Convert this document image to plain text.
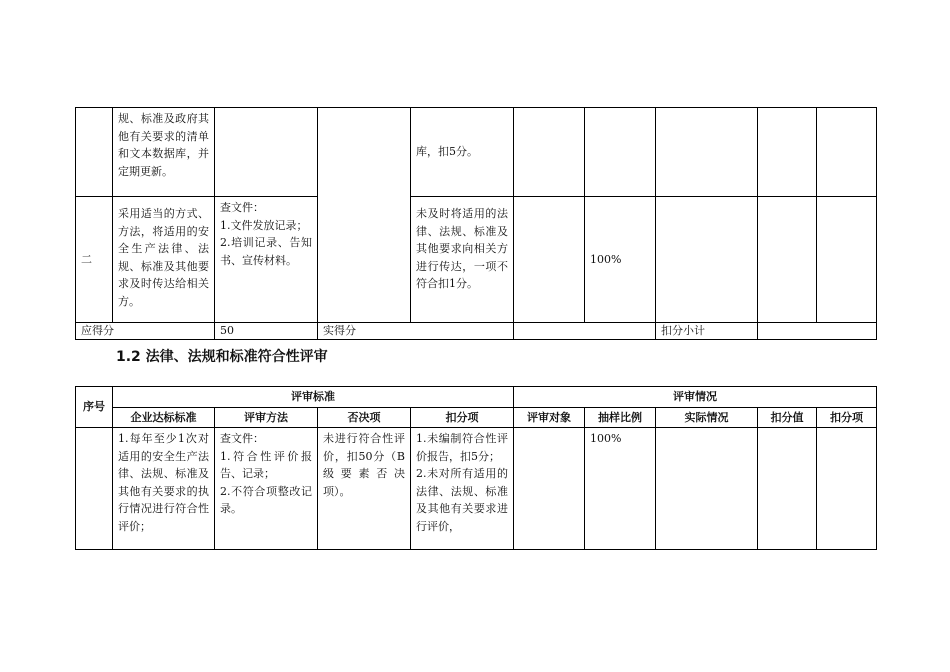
	规、标准及政府其他有关要求的清单和文本数据库，并定期更新。			库，扣5分。					
二	采用适当的方式、方法，将适用的安全生产法律、法规、标准及其他要求及时传达给相关方。	查文件：
1.文件发放记录；
2.培训记录、告知书、宣传材料。		未及时将适用的法律、法规、标准及其他要求向相关方进行传达，一项不符合扣1分。		100%			
应得分		50	实得分				扣分小计		
1.2 法律、法规和标准符合性评审
序号	评审标准				评审情况				
	企业达标标准	评审方法	否决项	扣分项	评审对象	抽样比例	实际情况	扣分值	扣分项
	1.每年至少1次对适用的安全生产法律、法规、标准及其他有关要求的执行情况进行符合性评价；	查文件：
1.符合性评价报告、记录；
2.不符合项整改记录。	未进行符合性评价，扣50分（B级要素否决项）。	1.未编制符合性评价报告，扣5分；
2.未对所有适用的法律、法规、标准及其他有关要求进行评价，		100%			
